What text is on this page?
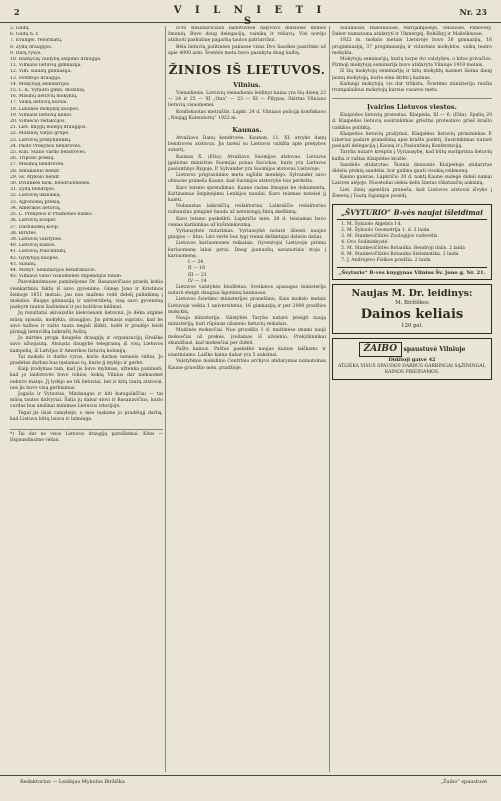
2	V I L N I E T I S
Nr. 23
5. Gudų.
6. Gudų n. r.
7. Evangel. reformatų.
8. Žydų draugijos.
9. Italų ryšys.
10. Bažnyčių valdybų šelpimo draugija.
11. Vilniaus lietuvių gimnazija.
12. Viln. šiaulių gimnazija.
13. Šventojo draugija.
14. Mokytojų seminarijos.
15. L. K. Vytauto gimn. mokinių.
16. Mašinų lietuvių mokyklų.
17. Vaikų lietuvių kursai.
18. Liaudies mokyklų kuopos.
19. Vilniaus lietuvių klubo.
20. Vilniečio redakcijos.
21. Liet. knygų leidėjų draugijos.
22. Mokinių Varpo grupė.
23. Lietuvių prekybininkų.
24. Pašto Prekybos bendrovės.
25. Kun. Stalio vardo bendrovės.
26. Tripolio prekių.
27. Mėsinių bendrovės.
28. Antakalnio bendr.
29. Sv. Mykolo bendr.
30. Dvilinkės mok. bendruomenės.
31. Žydų bendrijos.
32. Lietuvių ūkininkų.
33. Agronomų prekių.
34. Amerikos lietuvių.
35. L. Prekybos ir Pramonės banko.
36. Lietuvių kooper.
37. Darbininkų koop.
38. Birutės.
39. Lietuvių valstybės.
40. Lietuvių kalbos.
41. Lietuvių Policininkų.
42. Gydytojų kuopos.
43. Šiaulių.
44. Mokyt. Seminarijos bendrabučio.
45. Vilniaus viešo visuomenės stipendijos fondo.

Pasveikinimuose paminėjome Dr. Basanavičiaus praeitį kokia vienkartiniu faktu iš savo gyvenimo. Gimęs Jono ir Kristinos šeimoje 1851 metais, jau nuo mažens rodė didelį palinkimą į mokslus. Baigęs gimnaziją ir universitetą, visą savo gyvenimą paskyrė tautos žadinimui ir jos kultūros kėlimui.

Jų rezultatai akivaizdūs kiekvienam lietuviui. Jo dėka atgimė mūsų spauda, mokykla, draugijos. Jis pirmasis suprato, kad be savo kalbos ir rašto tauta negali išlikti, todėl ir pradėjo leisti pirmąjį lietuvišką laikraštį Aušrą.

Jo mirties proga daugelis draugijų ir organizacijų išreiškė savo užuojautą. Atsiųsta daugybė telegramų iš visų Lietuvos kampelių, iš Latvijos ir Amerikos lietuvių kolonijų.

Tai mokslo ir darbo vyras, kurio darbas nenueis veltui. Jo pradėtas darbas bus tęsiamas tų, kurie jį mylėjo ir gerbė.

Kaip įrodymas tam, kad jis buvo mylimas, užtenka paminėti, kad jo laidotuvės buvo tokios, kokių Vilnius dar niekuomet nebuvo matęs. Jį lydėjo ne tik lietuviai, bet ir kitų tautų atstovai, nes jis buvo visų gerbiamas.

Jogaila ir Vytautas, Mindaugas ir kiti kunigaikščiai — tai mūsų tautos didvyriai. Šalia jų dabar stovi ir Basanavičius, kurio vardas bus amžinai minimas Lietuvos istorijoje.

Tegul jis ilsisi ramybėje, o mes tęskime jo pradėtąjį darbą, kad Lietuva būtų laisva ir laiminga.

*) Tai dar ne visos Lietuvos draugijų pareiškimai. Kitos — išspausdinsime vėliau.

D-ro Basanavičiaus laidotuvėse dalyvavo didžiulės minios žmonių. Buvo daug delegacijų, vainikų ir vėliavų. Visi norėjo atiduoti paskutinę pagarbą tautos patriarchui.

Bėla lietuvių politinėse pakuose visas Dvo liaudies pasirinko už apie 4000 asm. Šventės metu buvo pasakyta daug kalbų.

ŽINIOS IŠ LIETUVOS.
Vilnius.

Vienadienis. Lietuvių vienadienis leidinys kaina yra šių dienų 22 — 24 ir 25 — XI „Ona“ — 23 — XI — Pilypas. Skirtas Vilniaus lietuvių visuomenei.

Konfiskuotas metraštis. Lapkr. 24 d. Vilniaus policija konfiskavo „Naująjį Kalendorių“ 1922 m.

Kaunas.

Atvažiavo Danų bendrovės. Kaunan, 11. XI. atvyko danų bendrovės atstovas. Jis tarėsi su Lietuvos valdžia apie prekybos sutartį.

Kaunas X. (Elta). Atvažiavo Suomijos atstovas. Lietuvos įgaliotas ministras Suomijai ponas Savickas, kuris yra Lietuvos pasiuntinys Rygoje, P. Sylvander yra Suomijos atstovas Lietuvoje.

Lietuvos prigrasinimo metu sąjūdis menkėjo. Sylvander savo ofisuose praneša Kaune, kad Suomijos atstovybė bus perkelta.

Karo teismo sprendimas. Kaune rastas žmogus be dokumentų. Kaltinamas šnipinėjimu Lenkijos naudai. Karo teismas nuteisė jį kalėti.

Nubaustas laikraščių redaktorius. Laikraščio redaktorius nubaustas piniginė bauda už neteisingų žinių skelbimą.

Karo teismo paskelbti. Lapkričio mėn. 28 d. teisiamas buvo vienas karininkas už kyšininkavimą.

Vyriausybės nutarimas. Vyriausybė nutarė išleisti naujus pinigus — litus. Lito vertė bus lygi vienai dešimtajai dolerio daliai.

Lietuvos kariuomenės reikalais. Gyventojai Lietuvoje priima kariuomenę labai gerai. Daug jaunuolių savanoriais stoja į kariuomenę.

I — 34
II — 18
III — 21
IV — 14

Lietuvos valstybės biudžetas. Sveikatos apsaugos ministerija nutarė steigti daugiau ligoninių kaimuose.

Lietuvos švietimo ministerijos pranešimu, šiais mokslo metais Lietuvoje veikia 1 universitetas, 16 gimnazijų ir per 2000 pradžios mokyklų.

Nauja ministerija. Valstybės Taryba nutarė įsteigti naują ministeriją, kuri rūpinsis užsienio lietuvių reikalais.

Muitinės mokesčiai. Nuo gruodžio 1 d. muitinėse imami nauji mokesčiai už prekes, įvežamas iš užsienio. Prekybininkai skundžiasi, kad mokesčiai per dideli.

Pašto kainos. Paštas paskelbė naujas kainas laiškams ir siuntiniams. Laiško kaina dabar yra 5 auksinai.

Valstybinio mokslinio Centrinio archyvo atidarymas numatomas Kaune gruodžio mėn. pradžioje.

Šiauliuose, Raseiniuose, Marijampolėje, Telšiuose, Panevėžy. Daber numatoma atidaryti ir Ukmergėj, Rokiškyj ir Mažeikiuose.

1922 m. mokslo metais Lietuvoje buvo 30 gimnazijų, 16 progimnazijų, 37 progimnazijų ir vidurinės mokyklos, vaikų teatro mokykla.

Mokytojų seminarijų, kurių tarpe dvi valstybės, o kitos privačios. Pirmoji mokytojų seminarija buvo atidaryta Vilniuje 1919 metais.

Iš šių mokytojų seminarijų ir kitų mokyklų kasmet išeina daug jaunų mokytojų, kurie eina dirbti į kaimus.

Kadangi mokytojų vis dar trūksta, Švietimo ministerija ruošia trumpalaikius mokytojų kursus vasaros metu.

Įvairios Lietuvos viestos.

Klaipėdos lietuvių protestas. Klaipėda, XI — 6. (Elta). Spalių 29 d. Klaipėdos lietuvių susirinkimas griežtai protestavo prieš krašto valdžios politiką.

Klaipėdos lietuvių prašymai. Klaipėdos lietuvių pirmininkas P. Liberius padarė pranešimą apie krašto padėtį. Susirinkimas nutarė pasiųsti delegaciją į Kauną ir į Pasiuntinių Konferenciją.

Taryba nutarė kreiptis į Vyriausybę, kad būtų sustiprinta lietuvių kalba ir raštas Klaipėdos krašte.

Sandėlis atidarytas. Šiomis dienomis Klaipėdoje atidarytas didelis prekių sandėlis, kur galima gauti visokių reikmenų.

Kauno gaisras. Lapkričio 20 d. naktį Kaune sudegė dideli namai Laisvės alėjoje. Nuostoliai siekia kelis šimtus tūkstančių auksinų.

Liet. žinių agentūra praneša, kad Lietuvos atstovai išvyko į Ženevą į Tautų Sąjungos posėdį.

„ŠVYTURIO“ B-vės naujai išleidimai
1. M. Šykuolo Algebra I d.
2. M. Šykuolo Geometrija 1. d. 2 laida
3. M. Stankevičiūtės Zoologijos vadovėlis.
4. Ovo Sodininkystė
5. M. Stankevičiūtės Botanika. Bendroji dalis. 2 laida
6. M. Stankevičiūtės Botanika Sistematika. 2 laida
7. J. Andrejevo Fizikos pradžia. 2 laida
„Švyturio“ B-vės knygynas Vilnius Šv. Jono g. Nr. 21.
Naujas M. Dr. leidinys:
M. Biržiškos
Dainos keliais
120 psl.
ŽAIBO spaustuvė Vilniuje
Didžioji gatvė 42
ATLIEKA VISUS SPAUDOS DARBUS GARBINGAI SĄŽININGAI, KAINOS PRIEINAMOS.
Redaktorius — Leidėjas Mykolas Biržiška	„Žaibo“ spaustuvė
